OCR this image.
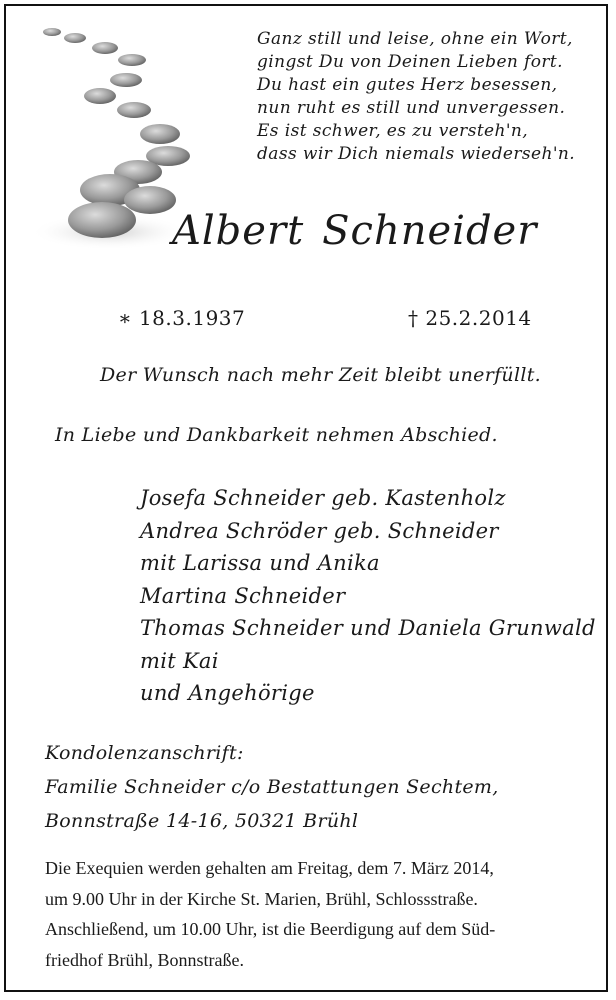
Ganz still und leise, ohne ein Wort,
gingst Du von Deinen Lieben fort.
Du hast ein gutes Herz besessen,
nun ruht es still und unvergessen.
Es ist schwer, es zu versteh'n,
dass wir Dich niemals wiederseh'n.
Albert Schneider
∗ 18.3.1937	† 25.2.2014
Der Wunsch nach mehr Zeit bleibt unerfüllt.
In Liebe und Dankbarkeit nehmen Abschied.
Josefa Schneider geb. Kastenholz
Andrea Schröder geb. Schneider
mit Larissa und Anika
Martina Schneider
Thomas Schneider und Daniela Grunwald
mit Kai
und Angehörige
Kondolenzanschrift:
Familie Schneider c/o Bestattungen Sechtem,
Bonnstraße 14-16, 50321 Brühl
Die Exequien werden gehalten am Freitag, dem 7. März 2014,
um 9.00 Uhr in der Kirche St. Marien, Brühl, Schlossstraße.
Anschließend, um 10.00 Uhr, ist die Beerdigung auf dem Süd-
friedhof Brühl, Bonnstraße.
